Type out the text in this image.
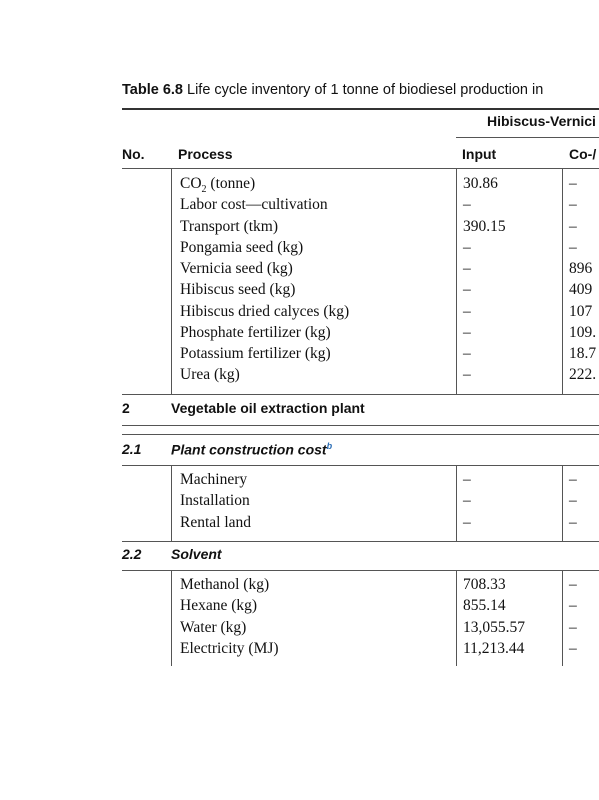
Table 6.8 Life cycle inventory of 1 tonne of biodiesel production in
Hibiscus-Vernici
No. Process	Input	Co-/
$CO_2$ (tonne)	30.86	–
Labor cost—cultivation	–	–
Transport (tkm)	390.15	–
Pongamia seed (kg)	–	–
Vernicia seed (kg)	–	896
Hibiscus seed (kg)	–	409
Hibiscus dried calyces (kg)	–	107
Phosphate fertilizer (kg)	–	109.
Potassium fertilizer (kg)	–	18.7
Urea (kg)	–	222.
2	Vegetable oil extraction plant
2.1 Plant construction cost$^b$
Machinery	–	–
Installation	–	–
Rental land	–	–
2.2 Solvent
Methanol (kg)	708.33	–
Hexane (kg)	855.14	–
Water (kg)	13,055.57	–
Electricity (MJ)	11,213.44	–
